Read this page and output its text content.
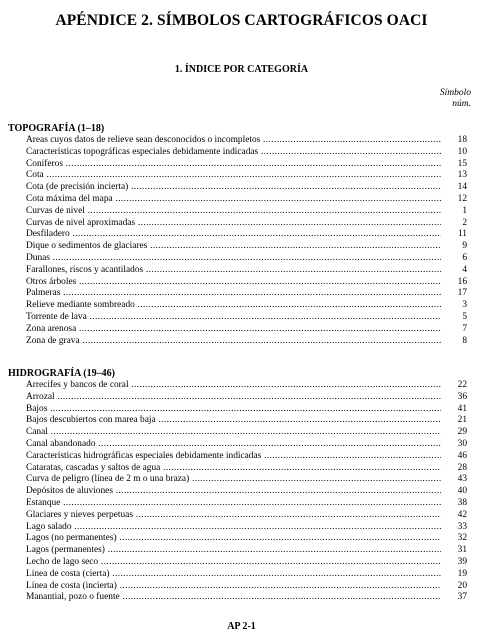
APÉNDICE 2. SÍMBOLOS CARTOGRÁFICOS OACI
1. ÍNDICE POR CATEGORÍA
Símbolo
núm.
TOPOGRAFÍA (1–18)
Áreas cuyos datos de relieve sean desconocidos o incompletos .....	18
Características topográficas especiales debidamente indicadas .....	10
Coníferos .....	15
Cota .....	13
Cota (de precisión incierta) .....	14
Cota máxima del mapa .....	12
Curvas de nivel .....	1
Curvas de nivel aproximadas .....	2
Desfiladero .....	11
Dique o sedimentos de glaciares .....	9
Dunas .....	6
Farallones, riscos y acantilados .....	4
Otros árboles .....	16
Palmeras .....	17
Relieve mediante sombreado .....	3
Torrente de lava .....	5
Zona arenosa .....	7
Zona de grava .....	8
HIDROGRAFÍA (19–46)
Arrecifes y bancos de coral .....	22
Arrozal .....	36
Bajos .....	41
Bajos descubiertos con marea baja .....	21
Canal .....	29
Canal abandonado .....	30
Características hidrográficas especiales debidamente indicadas .....	46
Cataratas, cascadas y saltos de agua .....	28
Curva de peligro (línea de 2 m o una braza) .....	43
Depósitos de aluviones .....	40
Estanque .....	38
Glaciares y nieves perpetuas .....	42
Lago salado .....	33
Lagos (no permanentes) .....	32
Lagos (permanentes) .....	31
Lecho de lago seco .....	39
Línea de costa (cierta) .....	19
Línea de costa (incierta) .....	20
Manantial, pozo o fuente .....	37
AP 2-1
